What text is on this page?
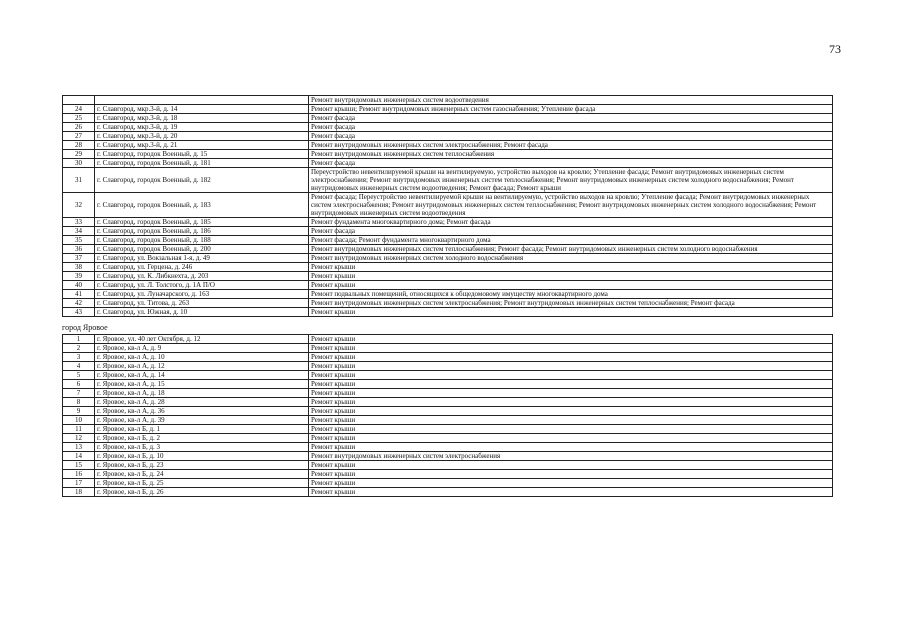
73
		Ремонт внутридомовых инженерных систем водоотведения
24	г. Славгород, мкр.3-й, д. 14	Ремонт крыши; Ремонт внутридомовых инженерных систем газоснабжения; Утепление фасада
25	г. Славгород, мкр.3-й, д. 18	Ремонт фасада
26	г. Славгород, мкр.3-й, д. 19	Ремонт фасада
27	г. Славгород, мкр.3-й, д. 20	Ремонт фасада
28	г. Славгород, мкр.3-й, д. 21	Ремонт внутридомовых инженерных систем электроснабжения; Ремонт фасада
29	г. Славгород, городок Военный, д. 15	Ремонт внутридомовых инженерных систем теплоснабжения
30	г. Славгород, городок Военный, д. 181	Ремонт фасада
31	г. Славгород, городок Военный, д. 182	Переустройство невентилируемой крыши на вентилируемую, устройство выходов на кровлю; Утепление фасада; Ремонт внутридомовых инженерных систем электроснабжения; Ремонт внутридомовых инженерных систем теплоснабжения; Ремонт внутридомовых инженерных систем холодного водоснабжения; Ремонт внутридомовых инженерных систем водоотведения; Ремонт фасада; Ремонт крыши
32	г. Славгород, городок Военный, д. 183	Ремонт фасада; Переустройство невентилируемой крыши на вентилируемую, устройство выходов на кровлю; Утепление фасада; Ремонт внутридомовых инженерных систем электроснабжения; Ремонт внутридомовых инженерных систем теплоснабжения; Ремонт внутридомовых инженерных систем холодного водоснабжения; Ремонт внутридомовых инженерных систем водоотведения
33	г. Славгород, городок Военный, д. 185	Ремонт фундамента многоквартирного дома; Ремонт фасада
34	г. Славгород, городок Военный, д. 186	Ремонт фасада
35	г. Славгород, городок Военный, д. 188	Ремонт фасада; Ремонт фундамента многоквартирного дома
36	г. Славгород, городок Военный, д. 200	Ремонт внутридомовых инженерных систем теплоснабжения; Ремонт фасада; Ремонт внутридомовых инженерных систем холодного водоснабжения
37	г. Славгород, ул. Вокзальная 1-я, д. 49	Ремонт внутридомовых инженерных систем холодного водоснабжения
38	г. Славгород, ул. Герцена, д. 246	Ремонт крыши
39	г. Славгород, ул. К. Либкнехта, д. 203	Ремонт крыши
40	г. Славгород, ул. Л. Толстого, д. 1А П/О	Ремонт крыши
41	г. Славгород, ул. Луначарского, д. 163	Ремонт подвальных помещений, относящихся к общедомовому имуществу многоквартирного дома
42	г. Славгород, ул. Титова, д. 263	Ремонт внутридомовых инженерных систем электроснабжения; Ремонт внутридомовых инженерных систем теплоснабжения; Ремонт фасада
43	г. Славгород, ул. Южная, д. 10	Ремонт крыши
город Яровое
1	г. Яровое, ул. 40 лет Октября, д. 12	Ремонт крыши
2	г. Яровое, кв-л А, д. 9	Ремонт крыши
3	г. Яровое, кв-л А, д. 10	Ремонт крыши
4	г. Яровое, кв-л А, д. 12	Ремонт крыши
5	г. Яровое, кв-л А, д. 14	Ремонт крыши
6	г. Яровое, кв-л А, д. 15	Ремонт крыши
7	г. Яровое, кв-л А, д. 18	Ремонт крыши
8	г. Яровое, кв-л А, д. 28	Ремонт крыши
9	г. Яровое, кв-л А, д. 36	Ремонт крыши
10	г. Яровое, кв-л А, д. 39	Ремонт крыши
11	г. Яровое, кв-л Б, д. 1	Ремонт крыши
12	г. Яровое, кв-л Б, д. 2	Ремонт крыши
13	г. Яровое, кв-л Б, д. 3	Ремонт крыши
14	г. Яровое, кв-л Б, д. 10	Ремонт внутридомовых инженерных систем электроснабжения
15	г. Яровое, кв-л Б, д. 23	Ремонт крыши
16	г. Яровое, кв-л Б, д. 24	Ремонт крыши
17	г. Яровое, кв-л Б, д. 25	Ремонт крыши
18	г. Яровое, кв-л Б, д. 26	Ремонт крыши
